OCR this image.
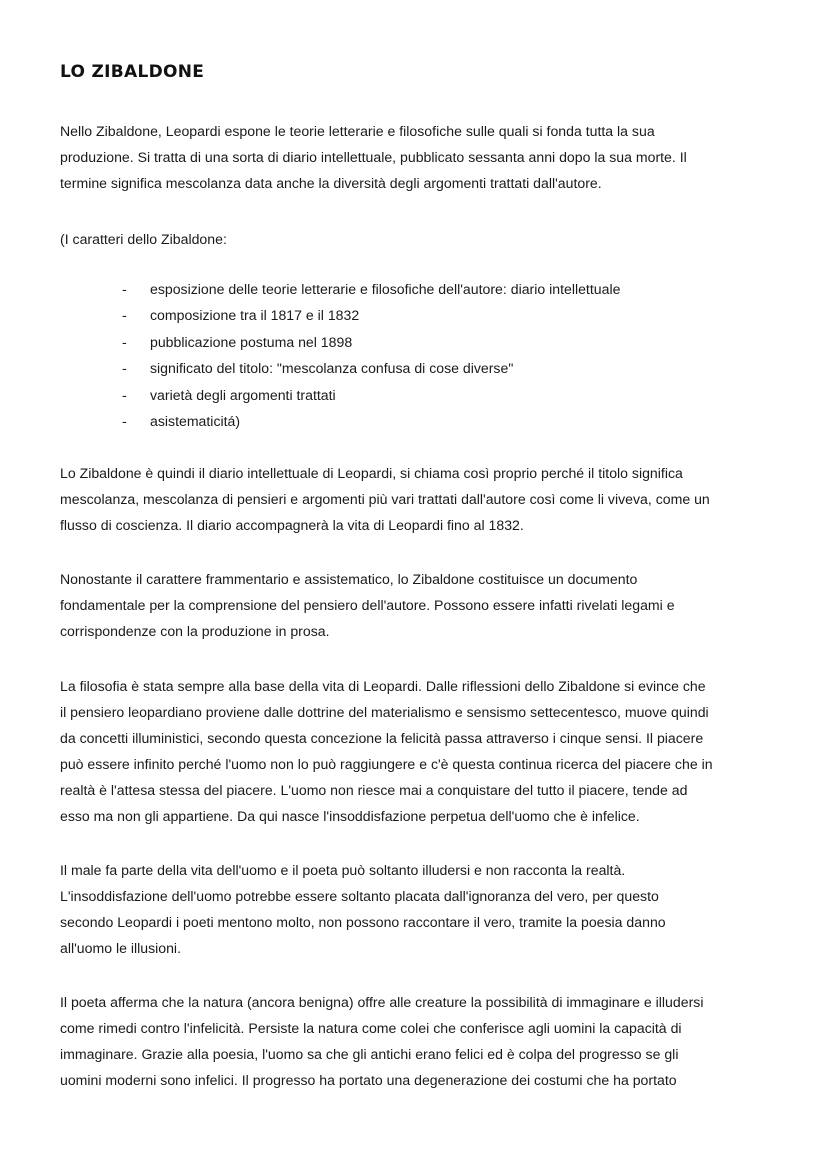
LO ZIBALDONE

Nello Zibaldone, Leopardi espone le teorie letterarie e filosofiche sulle quali si fonda tutta la sua
produzione. Si tratta di una sorta di diario intellettuale, pubblicato sessanta anni dopo la sua morte. Il
termine significa mescolanza data anche la diversità degli argomenti trattati dall'autore.

(I caratteri dello Zibaldone:

- esposizione delle teorie letterarie e filosofiche dell'autore: diario intellettuale
- composizione tra il 1817 e il 1832
- pubblicazione postuma nel 1898
- significato del titolo: "mescolanza confusa di cose diverse"
- varietà degli argomenti trattati
- asistematicitá)

Lo Zibaldone è quindi il diario intellettuale di Leopardi, si chiama così proprio perché il titolo significa
mescolanza, mescolanza di pensieri e argomenti più vari trattati dall'autore così come li viveva, come un
flusso di coscienza. Il diario accompagnerà la vita di Leopardi fino al 1832.

Nonostante il carattere frammentario e assistematico, lo Zibaldone costituisce un documento
fondamentale per la comprensione del pensiero dell'autore. Possono essere infatti rivelati legami e
corrispondenze con la produzione in prosa.

La filosofia è stata sempre alla base della vita di Leopardi. Dalle riflessioni dello Zibaldone si evince che
il pensiero leopardiano proviene dalle dottrine del materialismo e sensismo settecentesco, muove quindi
da concetti illuministici, secondo questa concezione la felicità passa attraverso i cinque sensi. Il piacere
può essere infinito perché l'uomo non lo può raggiungere e c'è questa continua ricerca del piacere che in
realtà è l'attesa stessa del piacere. L'uomo non riesce mai a conquistare del tutto il piacere, tende ad
esso ma non gli appartiene. Da qui nasce l'insoddisfazione perpetua dell'uomo che è infelice.

Il male fa parte della vita dell'uomo e il poeta può soltanto illudersi e non racconta la realtà.
L'insoddisfazione dell'uomo potrebbe essere soltanto placata dall'ignoranza del vero, per questo
secondo Leopardi i poeti mentono molto, non possono raccontare il vero, tramite la poesia danno
all'uomo le illusioni.

Il poeta afferma che la natura (ancora benigna) offre alle creature la possibilità di immaginare e illudersi
come rimedi contro l'infelicità. Persiste la natura come colei che conferisce agli uomini la capacità di
immaginare. Grazie alla poesia, l'uomo sa che gli antichi erano felici ed è colpa del progresso se gli
uomini moderni sono infelici. Il progresso ha portato una degenerazione dei costumi che ha portato
